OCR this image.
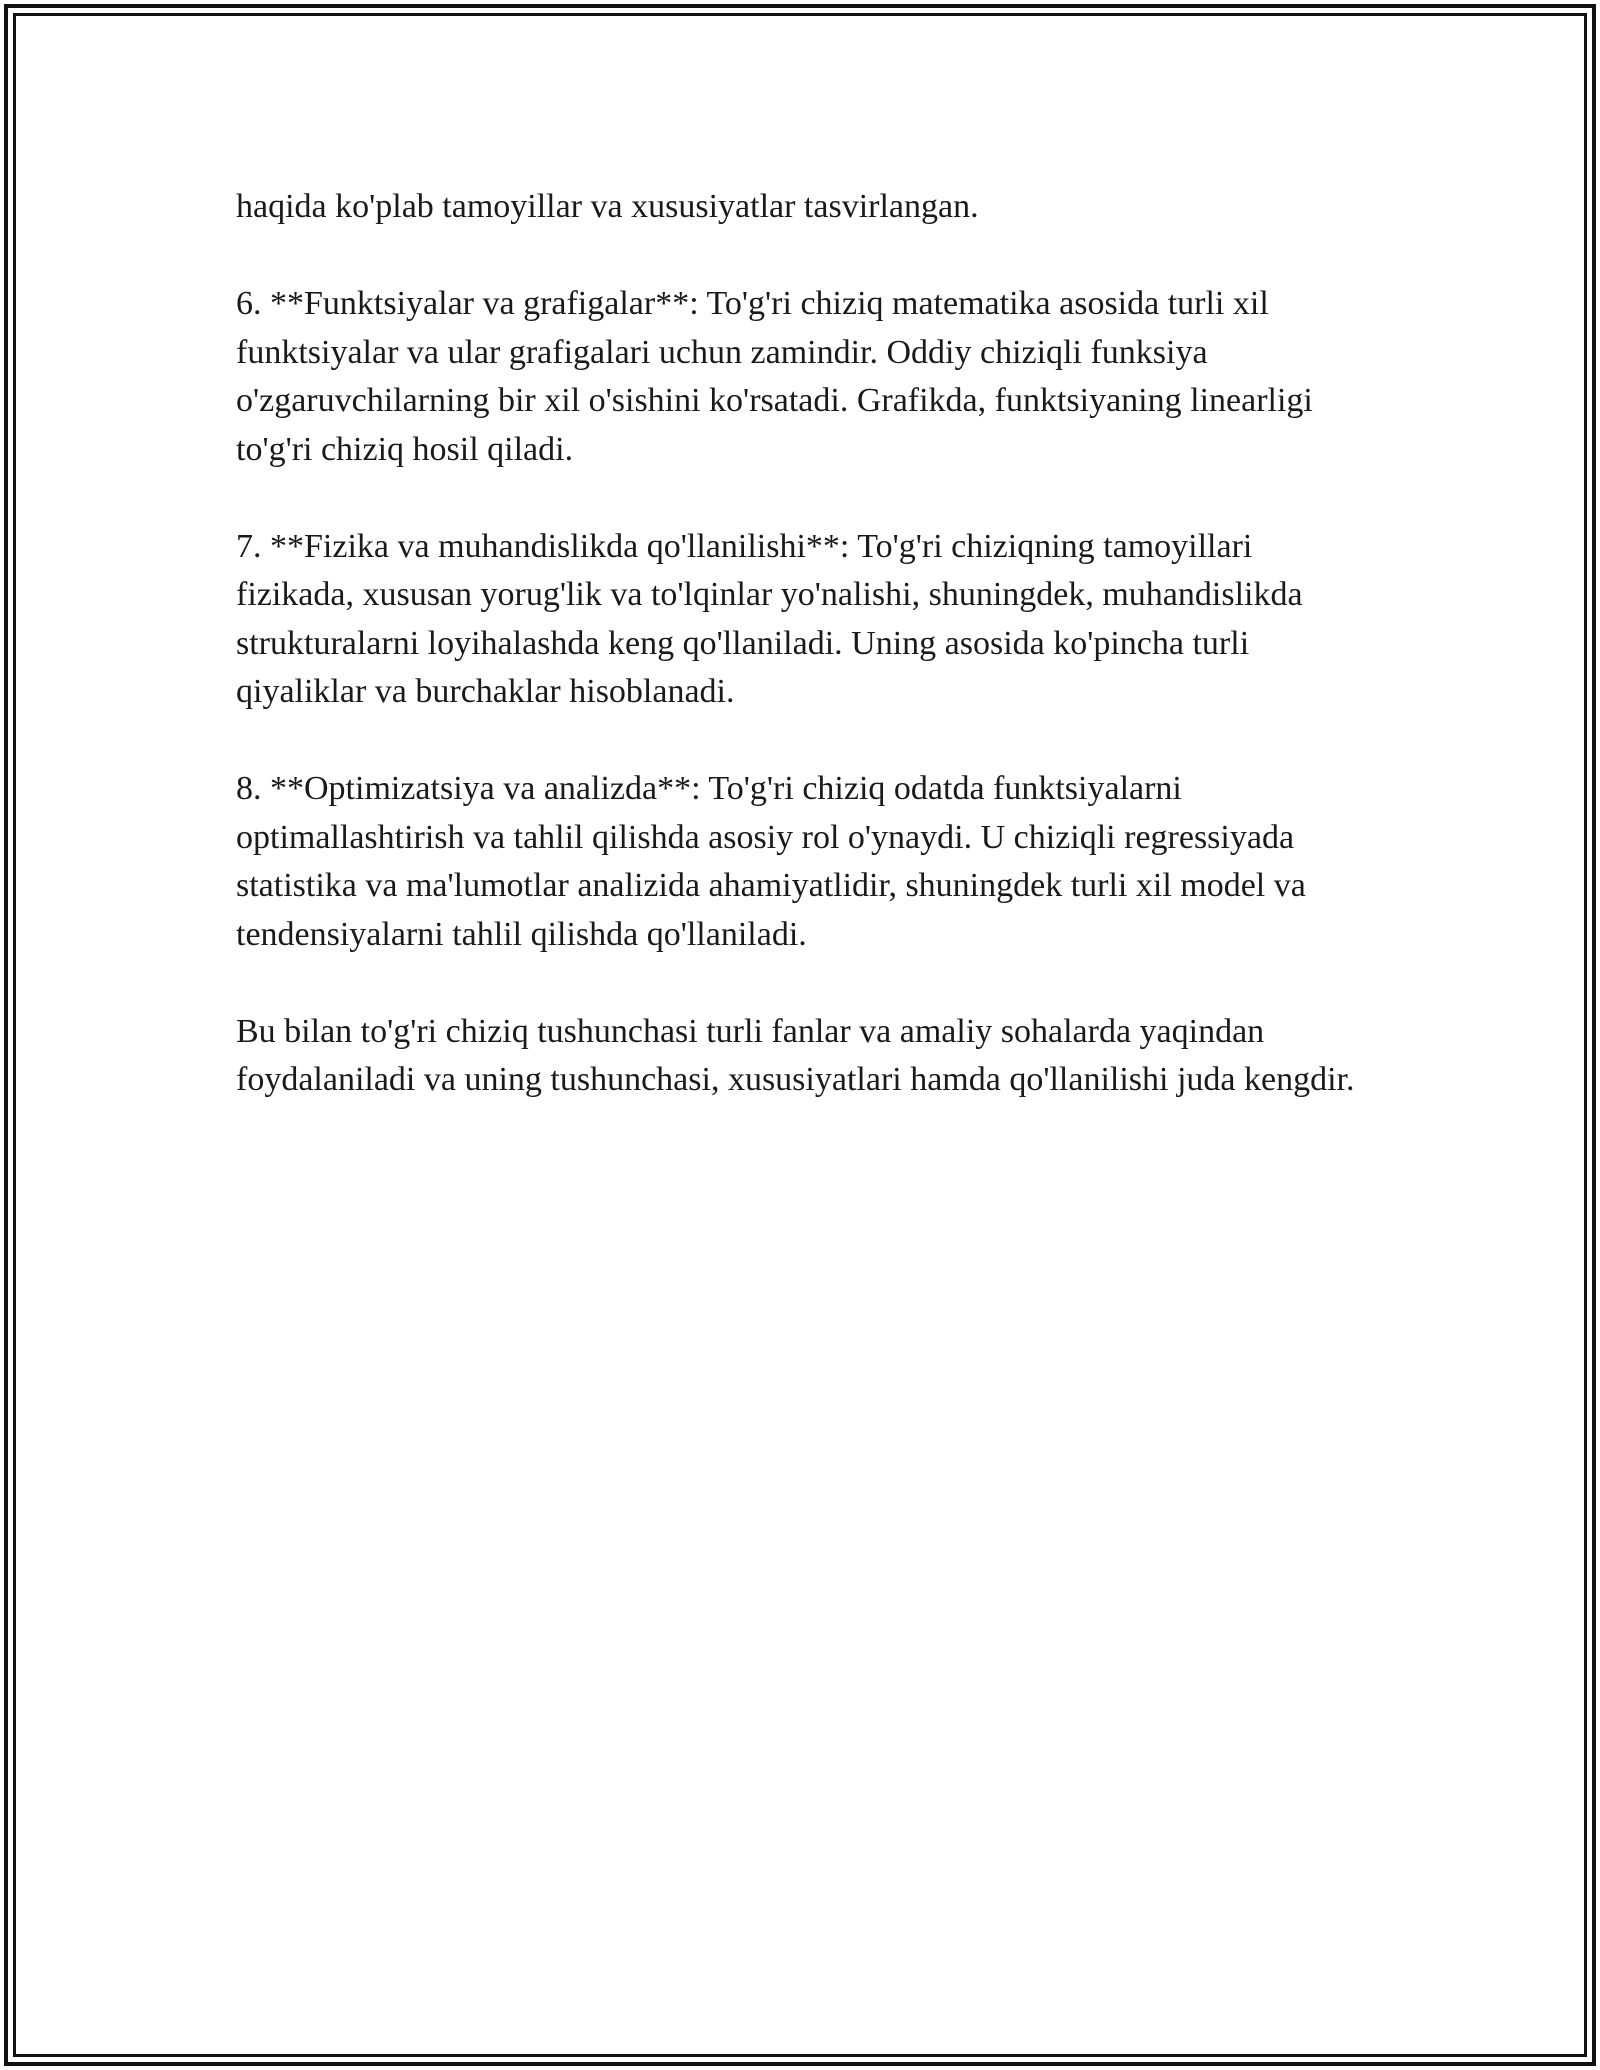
haqida ko'plab tamoyillar va xususiyatlar tasvirlangan.

6. **Funktsiyalar va grafigalar**: To'g'ri chiziq matematika asosida turli xil funktsiyalar va ular grafigalari uchun zamindir. Oddiy chiziqli funksiya o'zgaruvchilarning bir xil o'sishini ko'rsatadi. Grafikda, funktsiyaning linearligi to'g'ri chiziq hosil qiladi.

7. **Fizika va muhandislikda qo'llanilishi**: To'g'ri chiziqning tamoyillari fizikada, xususan yorug'lik va to'lqinlar yo'nalishi, shuningdek, muhandislikda strukturalarni loyihalashda keng qo'llaniladi. Uning asosida ko'pincha turli qiyaliklar va burchaklar hisoblanadi.

8. **Optimizatsiya va analizda**: To'g'ri chiziq odatda funktsiyalarni optimallashtirish va tahlil qilishda asosiy rol o'ynaydi. U chiziqli regressiyada statistika va ma'lumotlar analizida ahamiyatlidir, shuningdek turli xil model va tendensiyalarni tahlil qilishda qo'llaniladi.

Bu bilan to'g'ri chiziq tushunchasi turli fanlar va amaliy sohalarda yaqindan foydalaniladi va uning tushunchasi, xususiyatlari hamda qo'llanilishi juda kengdir.
